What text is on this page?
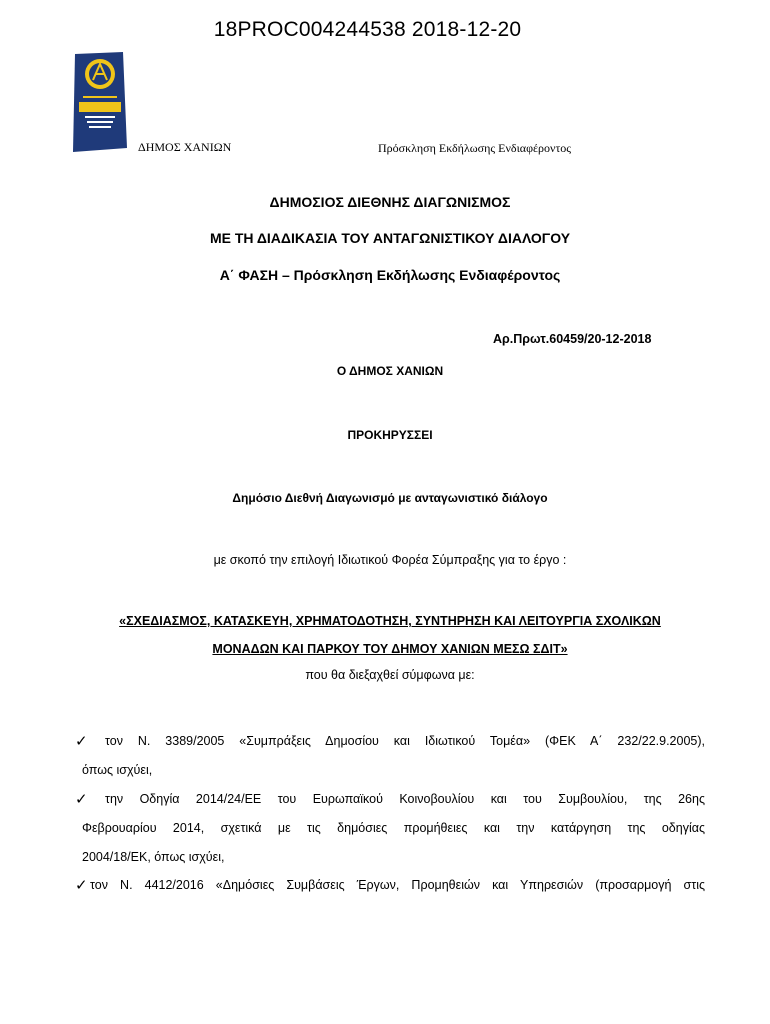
18PROC004244538 2018-12-20
ΔΗΜΟΣ ΧΑΝΙΩΝ	Πρόσκληση Εκδήλωσης Ενδιαφέροντος
ΔΗΜΟΣΙΟΣ ΔΙΕΘΝΗΣ ΔΙΑΓΩΝΙΣΜΟΣ
ΜΕ ΤΗ ΔΙΑΔΙΚΑΣΙΑ ΤΟΥ ΑΝΤΑΓΩΝΙΣΤΙΚΟΥ ΔΙΑΛΟΓΟΥ
Α΄ ΦΑΣΗ – Πρόσκληση Εκδήλωσης Ενδιαφέροντος
Αρ.Πρωτ.60459/20-12-2018
Ο ΔΗΜΟΣ ΧΑΝΙΩΝ
ΠΡΟΚΗΡΥΣΣΕΙ
Δημόσιο Διεθνή Διαγωνισμό με ανταγωνιστικό διάλογο
με σκοπό την επιλογή Ιδιωτικού Φορέα Σύμπραξης για το έργο :
«ΣΧΕΔΙΑΣΜΟΣ, ΚΑΤΑΣΚΕΥΗ, ΧΡΗΜΑΤΟΔΟΤΗΣΗ, ΣΥΝΤΗΡΗΣΗ ΚΑΙ ΛΕΙΤΟΥΡΓΙΑ ΣΧΟΛΙΚΩΝ
ΜΟΝΑΔΩΝ ΚΑΙ ΠΑΡΚΟΥ ΤΟΥ ΔΗΜΟΥ ΧΑΝΙΩΝ ΜΕΣΩ ΣΔΙΤ»
που θα διεξαχθεί σύμφωνα με:
✓	τον Ν. 3389/2005 «Συμπράξεις Δημοσίου και Ιδιωτικού Τομέα» (ΦΕΚ Α΄ 232/22.9.2005),
όπως ισχύει,
✓	την Οδηγία 2014/24/ΕΕ του Ευρωπαϊκού Κοινοβουλίου και του Συμβουλίου, της 26ης
Φεβρουαρίου 2014, σχετικά με τις δημόσιες προμήθειες και την κατάργηση της οδηγίας
2004/18/ΕΚ, όπως ισχύει,
✓ τον Ν. 4412/2016 «Δημόσιες Συμβάσεις Έργων, Προμηθειών και Υπηρεσιών (προσαρμογή στις
